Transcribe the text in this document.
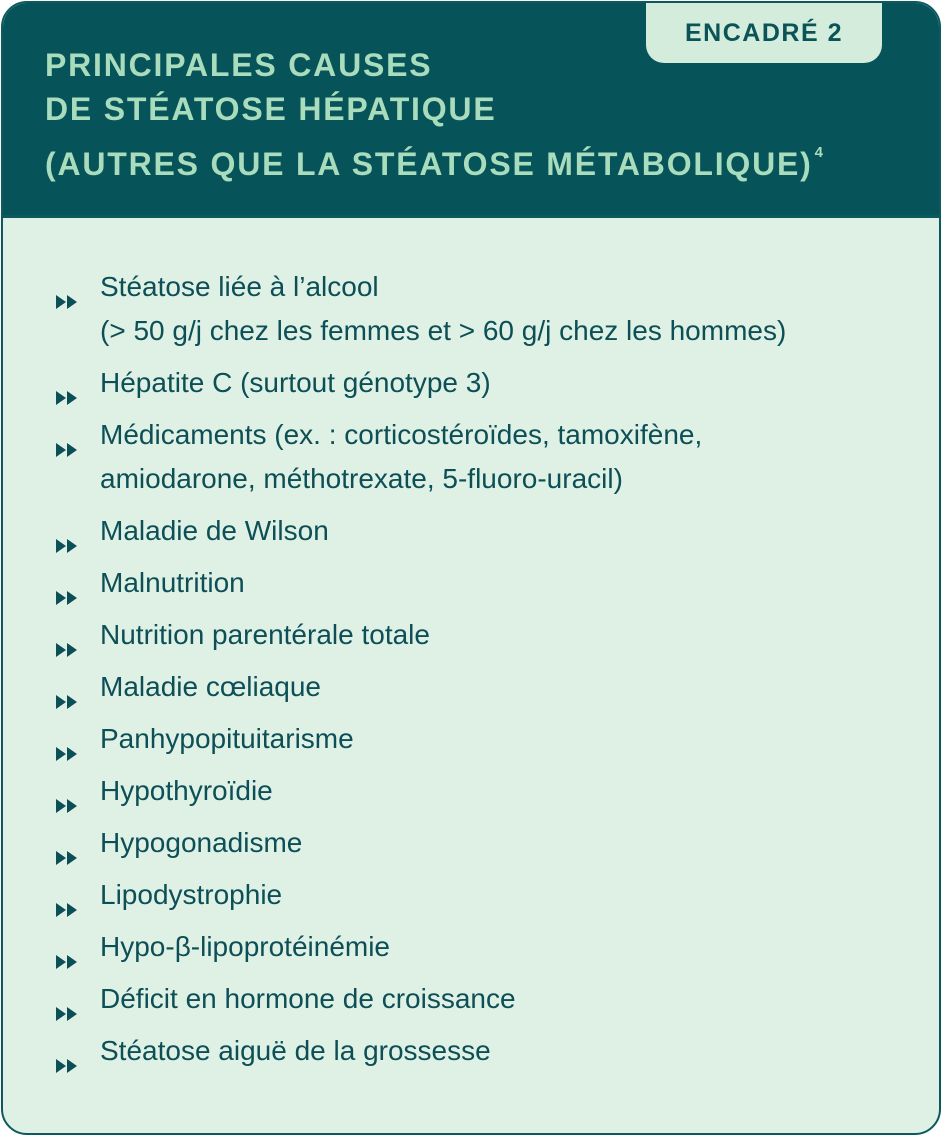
ENCADRÉ 2
PRINCIPALES CAUSES
DE STÉATOSE HÉPATIQUE
(AUTRES QUE LA STÉATOSE MÉTABOLIQUE) $^4$
Stéatose liée à l’alcool
(> 50 g/j chez les femmes et > 60 g/j chez les hommes)
Hépatite C (surtout génotype 3)
Médicaments (ex. : corticostéroïdes, tamoxifène,
amiodarone, méthotrexate, 5-fluoro-uracil)
Maladie de Wilson
Malnutrition
Nutrition parentérale totale
Maladie cœliaque
Panhypopituitarisme
Hypothyroïdie
Hypogonadisme
Lipodystrophie
Hypo-β-lipoprotéinémie
Déficit en hormone de croissance
Stéatose aiguë de la grossesse
